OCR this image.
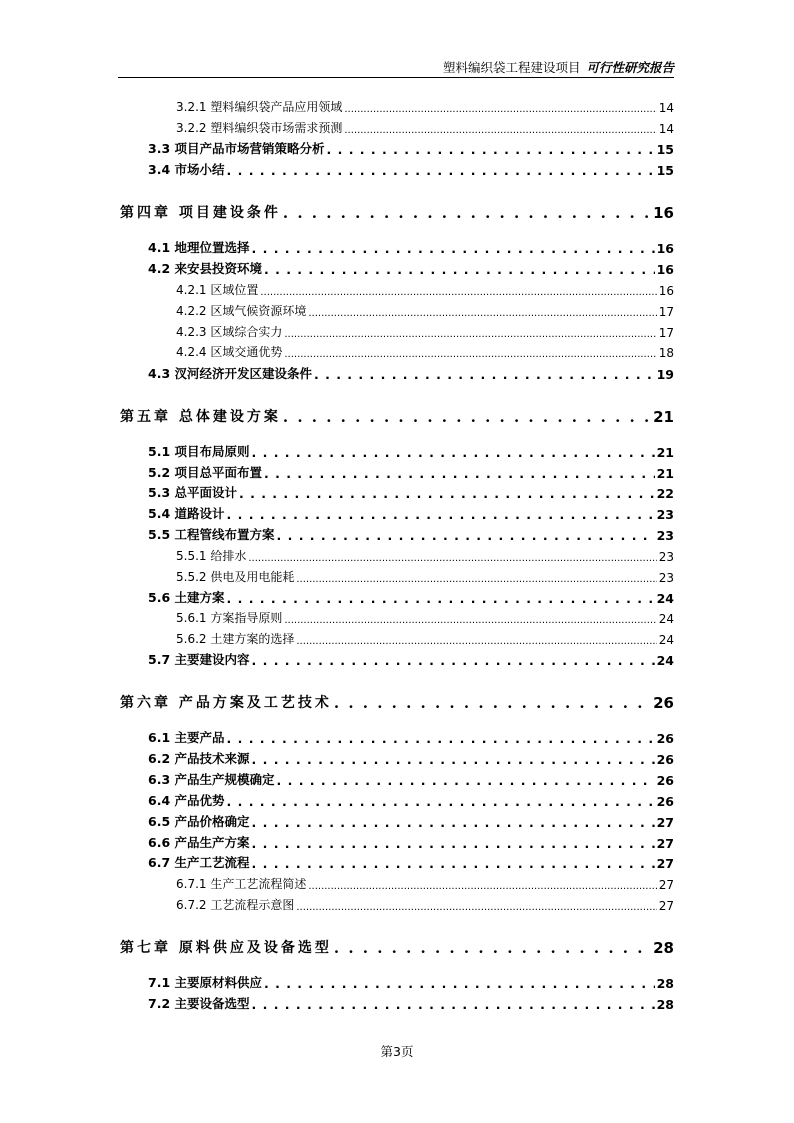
塑料编织袋工程建设项目 可行性研究报告
3.2.1 塑料编织袋产品应用领域 .....	14
3.2.2 塑料编织袋市场需求预测 .....	14
3.3 项目产品市场营销策略分析 . . .	15
3.4 市场小结 . . .	15
第四章 项目建设条件 . . .	16
4.1 地理位置选择 . . .	16
4.2 来安县投资环境 . . .	16
4.2.1 区域位置 .....	16
4.2.2 区域气候资源环境 .....	17
4.2.3 区域综合实力 .....	17
4.2.4 区域交通优势 .....	18
4.3 汊河经济开发区建设条件 . . .	19
第五章 总体建设方案 . . .	21
5.1 项目布局原则 . . .	21
5.2 项目总平面布置 . . .	21
5.3 总平面设计 . . .	22
5.4 道路设计 . . .	23
5.5 工程管线布置方案 . . .	23
5.5.1 给排水 .....	23
5.5.2 供电及用电能耗 .....	23
5.6 土建方案 . . .	24
5.6.1 方案指导原则 .....	24
5.6.2 土建方案的选择 .....	24
5.7 主要建设内容 . . .	24
第六章 产品方案及工艺技术 . . .	26
6.1 主要产品 . . .	26
6.2 产品技术来源 . . .	26
6.3 产品生产规模确定 . . .	26
6.4 产品优势 . . .	26
6.5 产品价格确定 . . .	27
6.6 产品生产方案 . . .	27
6.7 生产工艺流程 . . .	27
6.7.1 生产工艺流程简述 .....	27
6.7.2 工艺流程示意图 .....	27
第七章 原料供应及设备选型 . . .	28
7.1 主要原材料供应 . . .	28
7.2 主要设备选型 . . .	28
第3页
